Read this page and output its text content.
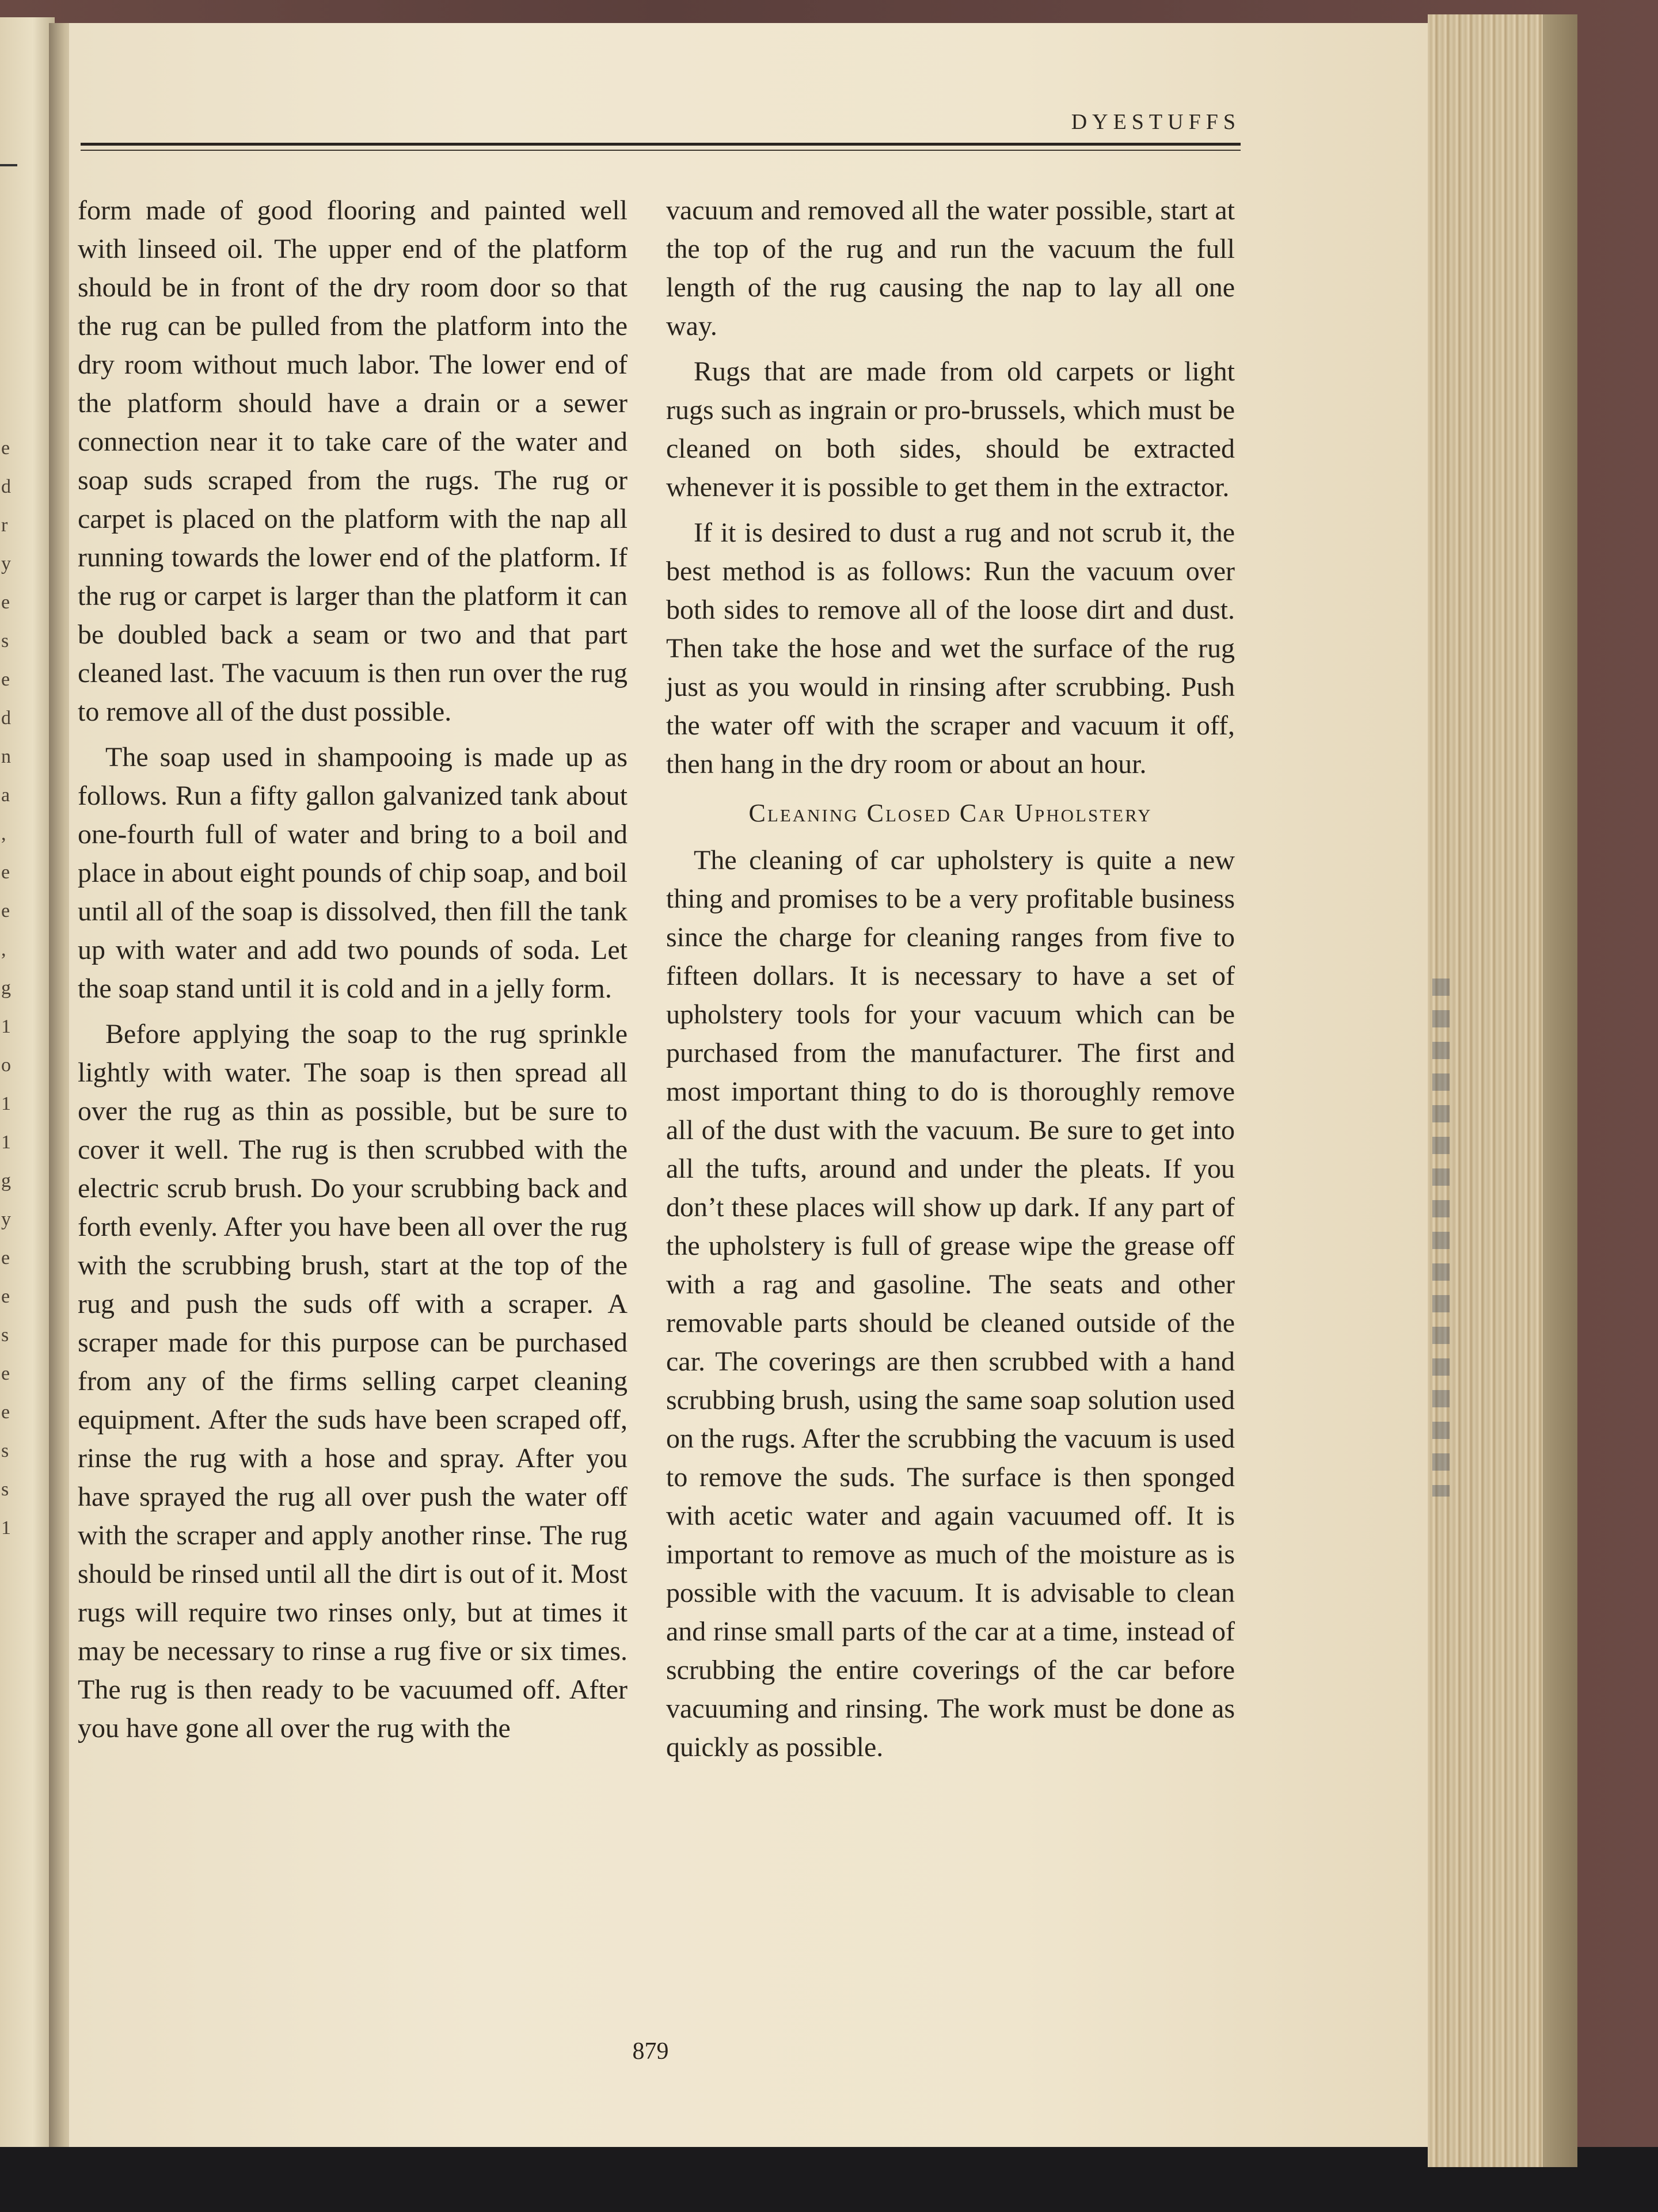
e
d
r
y
e
s
e
d
n
a
,
e
e
,
g
1
o
1
1
g
y
e
e
s
e
e
s
s
1
DYESTUFFS

form made of good flooring and painted well with linseed oil. The upper end of the platform should be in front of the dry room door so that the rug can be pulled from the platform into the dry room without much labor. The lower end of the platform should have a drain or a sewer connection near it to take care of the water and soap suds scraped from the rugs. The rug or carpet is placed on the platform with the nap all running towards the lower end of the platform. If the rug or carpet is larger than the platform it can be doubled back a seam or two and that part cleaned last. The vacuum is then run over the rug to remove all of the dust possible.

The soap used in shampooing is made up as follows. Run a fifty gallon galvanized tank about one-fourth full of water and bring to a boil and place in about eight pounds of chip soap, and boil until all of the soap is dissolved, then fill the tank up with water and add two pounds of soda. Let the soap stand until it is cold and in a jelly form.

Before applying the soap to the rug sprinkle lightly with water. The soap is then spread all over the rug as thin as possible, but be sure to cover it well. The rug is then scrubbed with the electric scrub brush. Do your scrubbing back and forth evenly. After you have been all over the rug with the scrubbing brush, start at the top of the rug and push the suds off with a scraper. A scraper made for this purpose can be purchased from any of the firms selling carpet cleaning equipment. After the suds have been scraped off, rinse the rug with a hose and spray. After you have sprayed the rug all over push the water off with the scraper and apply another rinse. The rug should be rinsed until all the dirt is out of it. Most rugs will require two rinses only, but at times it may be necessary to rinse a rug five or six times. The rug is then ready to be vacuumed off. After you have gone all over the rug with the

vacuum and removed all the water possible, start at the top of the rug and run the vacuum the full length of the rug causing the nap to lay all one way.

Rugs that are made from old carpets or light rugs such as ingrain or pro-brussels, which must be cleaned on both sides, should be extracted whenever it is possible to get them in the extractor.

If it is desired to dust a rug and not scrub it, the best method is as follows: Run the vacuum over both sides to remove all of the loose dirt and dust. Then take the hose and wet the surface of the rug just as you would in rinsing after scrubbing. Push the water off with the scraper and vacuum it off, then hang in the dry room or about an hour.

Cleaning Closed Car Upholstery

The cleaning of car upholstery is quite a new thing and promises to be a very profitable business since the charge for cleaning ranges from five to fifteen dollars. It is necessary to have a set of upholstery tools for your vacuum which can be purchased from the manufacturer. The first and most important thing to do is thoroughly remove all of the dust with the vacuum. Be sure to get into all the tufts, around and under the pleats. If you don’t these places will show up dark. If any part of the upholstery is full of grease wipe the grease off with a rag and gasoline. The seats and other removable parts should be cleaned outside of the car. The coverings are then scrubbed with a hand scrubbing brush, using the same soap solution used on the rugs. After the scrubbing the vacuum is used to remove the suds. The surface is then sponged with acetic water and again vacuumed off. It is important to remove as much of the moisture as is possible with the vacuum. It is advisable to clean and rinse small parts of the car at a time, instead of scrubbing the entire coverings of the car before vacuuming and rinsing. The work must be done as quickly as possible.

879
